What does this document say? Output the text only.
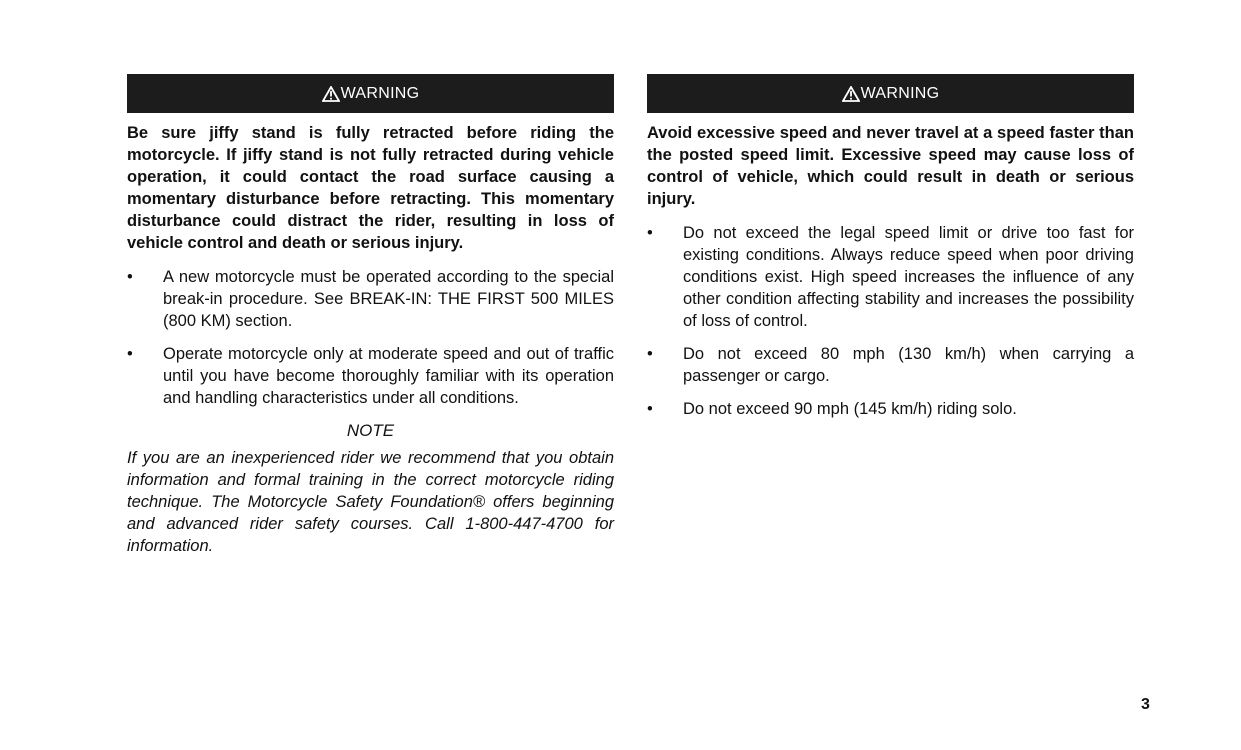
WARNING

Be sure jiffy stand is fully retracted before riding the motorcycle. If jiffy stand is not fully retracted during vehicle operation, it could contact the road surface causing a momentary disturbance before retracting. This momentary disturbance could distract the rider, resulting in loss of vehicle control and death or serious injury.

• A new motorcycle must be operated according to the special break-in procedure. See BREAK-IN: THE FIRST 500 MILES (800 KM) section.
• Operate motorcycle only at moderate speed and out of traffic until you have become thoroughly familiar with its operation and handling characteristics under all conditions.
NOTE

If you are an inexperienced rider we recommend that you obtain information and formal training in the correct motorcycle riding technique. The Motorcycle Safety Foundation® offers beginning and advanced rider safety courses. Call 1-800-447-4700 for information.

WARNING

Avoid excessive speed and never travel at a speed faster than the posted speed limit. Excessive speed may cause loss of control of vehicle, which could result in death or serious injury.

• Do not exceed the legal speed limit or drive too fast for existing conditions. Always reduce speed when poor driving conditions exist. High speed increases the influence of any other condition affecting stability and increases the possibility of loss of control.
• Do not exceed 80 mph (130 km/h) when carrying a passenger or cargo.
• Do not exceed 90 mph (145 km/h) riding solo.
3
